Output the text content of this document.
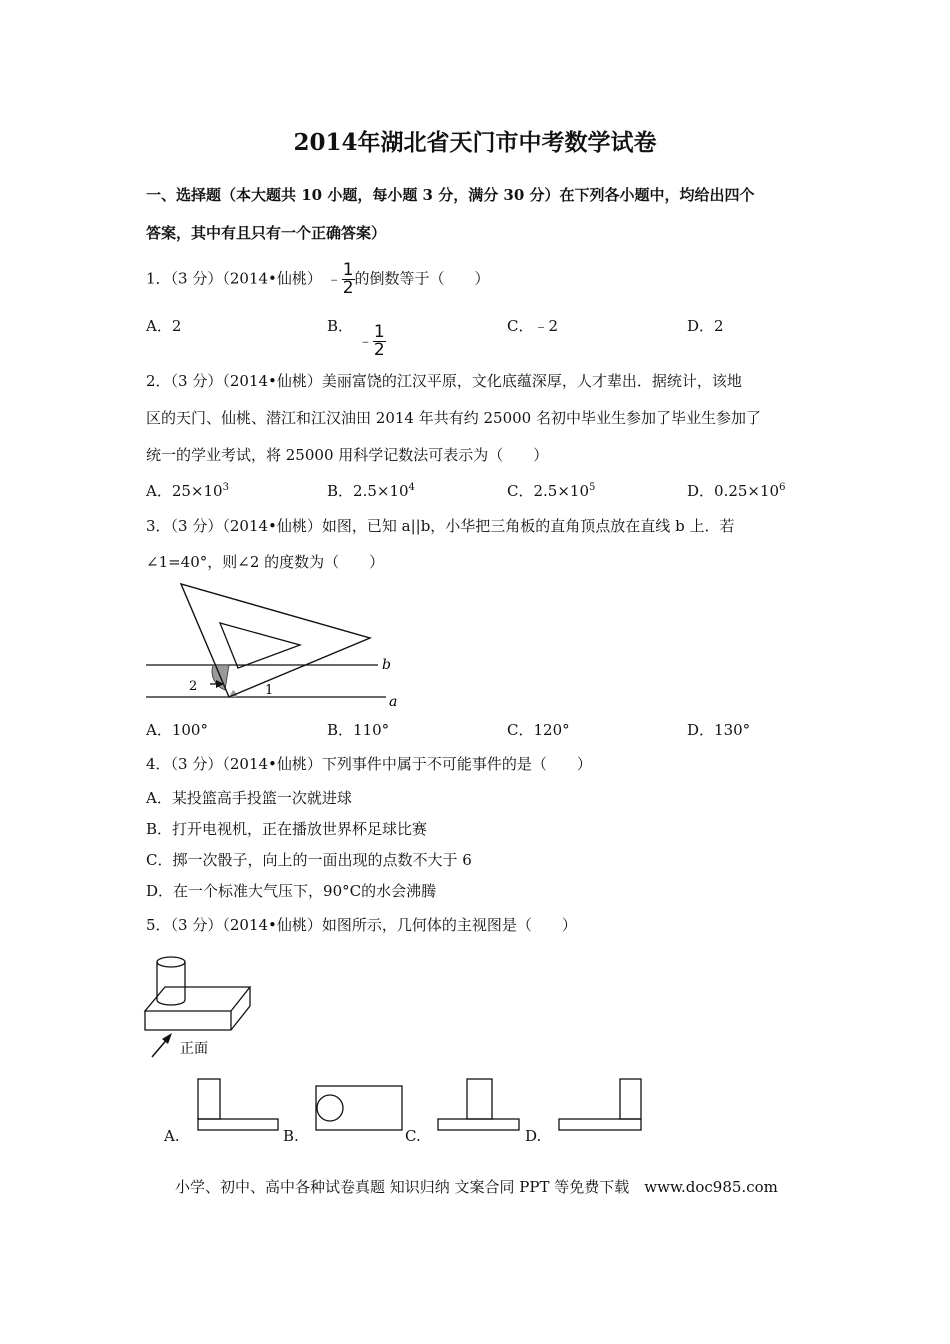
2014年湖北省天门市中考数学试卷
一、选择题（本大题共 10 小题，每小题 3 分，满分 30 分）在下列各小题中，均给出四个
答案，其中有且只有一个正确答案）
1．（3 分）（2014•仙桃） ﹣ $\frac{1}{2}$ 的倒数等于（　　）
A．2	B． ﹣ $\frac{1}{2}$	C．﹣2	D．2
2．（3 分）（2014•仙桃）美丽富饶的江汉平原，文化底蕴深厚，人才辈出．据统计，该地
区的天门、仙桃、潜江和江汉油田 2014 年共有约 25000 名初中毕业生参加了毕业生参加了
统一的学业考试，将 25000 用科学记数法可表示为（　　）
A．$25\times 10^3$	B．$2.5\times 10^4$	C．$2.5\times 10^5$	D．$0.25\times 10^6$
3．（3 分）（2014•仙桃）如图，已知 a||b，小华把三角板的直角顶点放在直线 b 上．若
∠1=40°，则∠2 的度数为（　　）
b
a
2	1
A．100°	B．110°	C．120°	D．130°
4．（3 分）（2014•仙桃）下列事件中属于不可能事件的是（　　）
A．某投篮高手投篮一次就进球
B．打开电视机，正在播放世界杯足球比赛
C．掷一次骰子，向上的一面出现的点数不大于 6
D．在一个标准大气压下，90°C的水会沸腾
5．（3 分）（2014•仙桃）如图所示，几何体的主视图是（　　）
正面
A.	B.	C.	D.
小学、初中、高中各种试卷真题 知识归纳 文案合同 PPT 等免费下载　www.doc985.com
